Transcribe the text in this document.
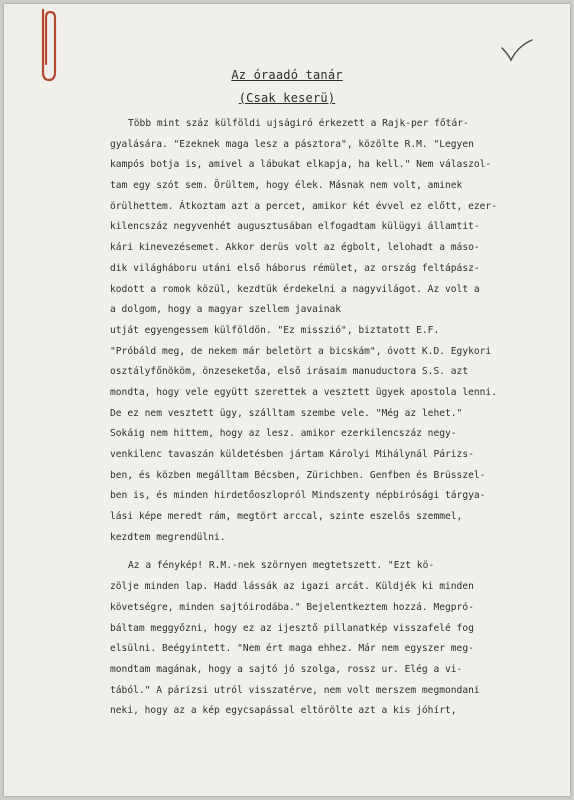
Az óraadó tanár
(Csak keserü)
Több mint száz külföldi ujságiró érkezett a Rajk-per főtár-
gyalására. "Ezeknek maga lesz a pásztora", közölte R.M. "Legyen
kampós botja is, amivel a lábukat elkapja, ha kell." Nem válaszol-
tam egy szót sem. Örültem, hogy élek. Másnak nem volt, aminek
örülhettem. Átkoztam azt a percet, amikor két évvel ez előtt, ezer-
kilencszáz negyvenhét augusztusában elfogadtam külügyi államtit-
kári kinevezésemet. Akkor derüs volt az égbolt, lelohadt a máso-
dik világháboru utáni első háborus rémület, az ország feltápász-
kodott a romok közül, kezdtük érdekelni a nagyvilágot. Az volt a
a dolgom, hogy a magyar szellem javainak
utját egyengessem külföldön. "Ez misszió", biztatott E.F.
"Próbáld meg, de nekem már beletört a bicskám", óvott K.D. Egykori
osztályfőnököm, önzeseketőa, első irásaim manuductora S.S. azt
mondta, hogy vele együtt szerettek a vesztett ügyek apostola lenni.
De ez nem vesztett ügy, szálltam szembe vele. "Még az lehet."
Sokáig nem hittem, hogy az lesz. amikor ezerkilencszáz negy-
venkilenc tavaszán küldetésben jártam Károlyi Mihálynál Párizs-
ben, és közben megálltam Bécsben, Zürichben. Genfben és Brüsszel-
ben is, és minden hirdetőoszlopról Mindszenty népbirósági tárgya-
lási képe meredt rám, megtört arccal, szinte eszelős szemmel,
kezdtem megrendülni.
Az a fénykép! R.M.-nek szörnyen megtetszett. "Ezt kö-
zölje minden lap. Hadd lássák az igazi arcát. Küldjék ki minden
követségre, minden sajtóirodába." Bejelentkeztem hozzá. Megpró-
báltam meggyőzni, hogy ez az ijesztő pillanatkép visszafelé fog
elsülni. Beégyintett. "Nem ért maga ehhez. Már nem egyszer meg-
mondtam magának, hogy a sajtó jó szolga, rossz ur. Elég a vi-
tából." A párizsi utról visszatérve, nem volt merszem megmondani
neki, hogy az a kép egycsapással eltörölte azt a kis jóhírt,
